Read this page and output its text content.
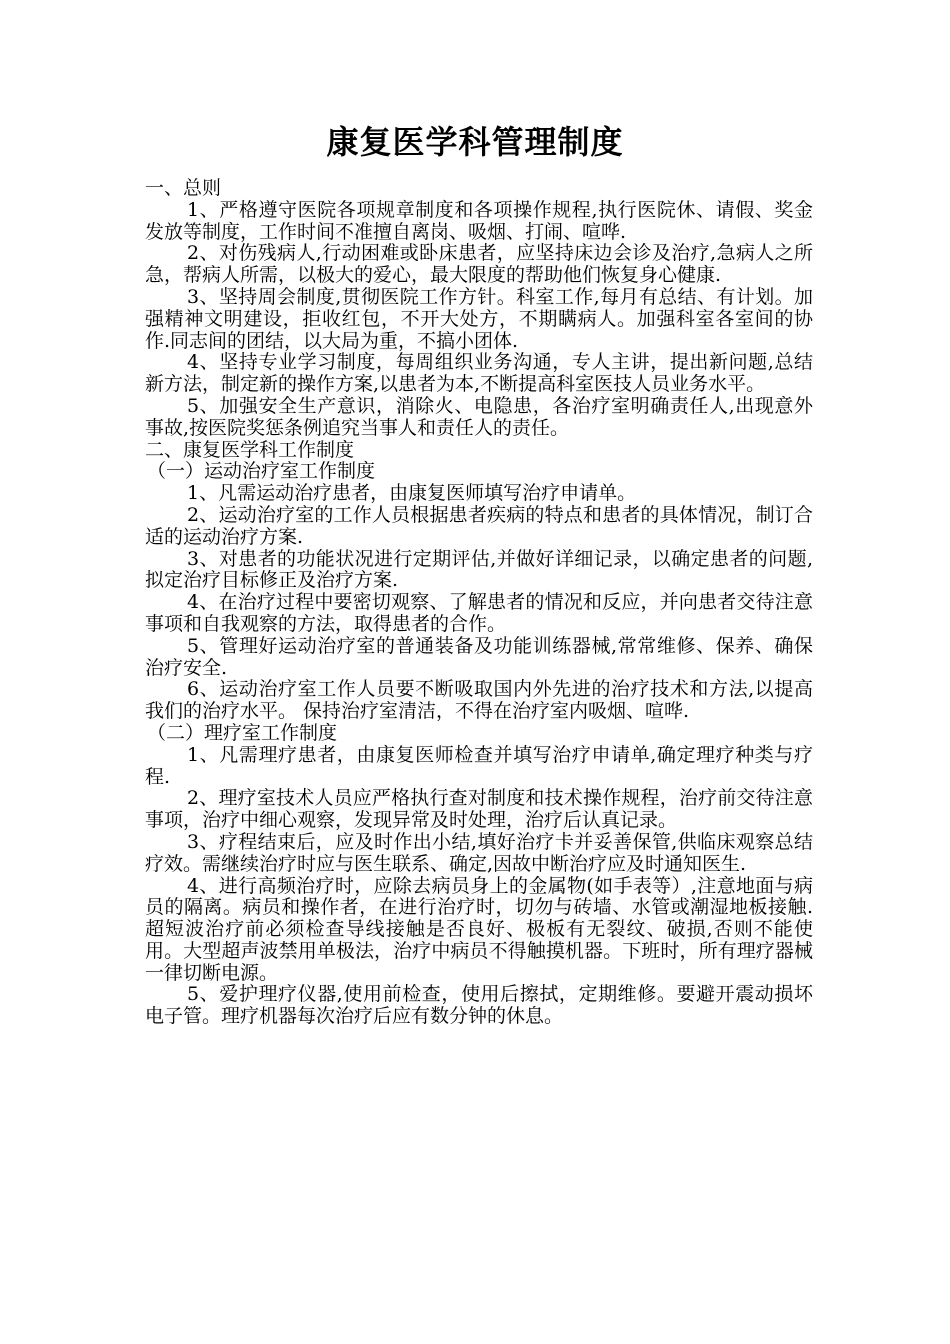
康复医学科管理制度
一、总则

1、严格遵守医院各项规章制度和各项操作规程,执行医院休、请假、奖金发放等制度，工作时间不准擅自离岗、吸烟、打闹、喧哗.

2、对伤残病人,行动困难或卧床患者，应坚持床边会诊及治疗,急病人之所急，帮病人所需，以极大的爱心，最大限度的帮助他们恢复身心健康.

3、坚持周会制度,贯彻医院工作方针。科室工作,每月有总结、有计划。加强精神文明建设，拒收红包，不开大处方，不期瞒病人。加强科室各室间的协作.同志间的团结，以大局为重，不搞小团体.

4、坚持专业学习制度，每周组织业务沟通，专人主讲，提出新问题,总结新方法，制定新的操作方案,以患者为本,不断提高科室医技人员业务水平。

5、加强安全生产意识，消除火、电隐患，各治疗室明确责任人,出现意外事故,按医院奖惩条例追究当事人和责任人的责任。

二、康复医学科工作制度
（一）运动治疗室工作制度

1、凡需运动治疗患者，由康复医师填写治疗申请单。

2、运动治疗室的工作人员根据患者疾病的特点和患者的具体情况，制订合适的运动治疗方案.

3、对患者的功能状况进行定期评估,并做好详细记录，以确定患者的问题,拟定治疗目标修正及治疗方案.

4、在治疗过程中要密切观察、了解患者的情况和反应，并向患者交待注意事项和自我观察的方法，取得患者的合作。

5、管理好运动治疗室的普通装备及功能训练器械,常常维修、保养、确保治疗安全.

6、运动治疗室工作人员要不断吸取国内外先进的治疗技术和方法,以提高我们的治疗水平。 保持治疗室清洁，不得在治疗室内吸烟、喧哗.

（二）理疗室工作制度

1、凡需理疗患者，由康复医师检查并填写治疗申请单,确定理疗种类与疗程.

2、理疗室技术人员应严格执行查对制度和技术操作规程，治疗前交待注意事项，治疗中细心观察，发现异常及时处理，治疗后认真记录。

3、疗程结束后，应及时作出小结,填好治疗卡并妥善保管,供临床观察总结疗效。需继续治疗时应与医生联系、确定,因故中断治疗应及时通知医生.

4、进行高频治疗时，应除去病员身上的金属物(如手表等）,注意地面与病员的隔离。病员和操作者，在进行治疗时，切勿与砖墙、水管或潮湿地板接触.超短波治疗前必须检查导线接触是否良好、极板有无裂纹、破损,否则不能使用。大型超声波禁用单极法，治疗中病员不得触摸机器。下班时，所有理疗器械一律切断电源。

5、爱护理疗仪器,使用前检查，使用后擦拭，定期维修。要避开震动损坏电子管。理疗机器每次治疗后应有数分钟的休息。
